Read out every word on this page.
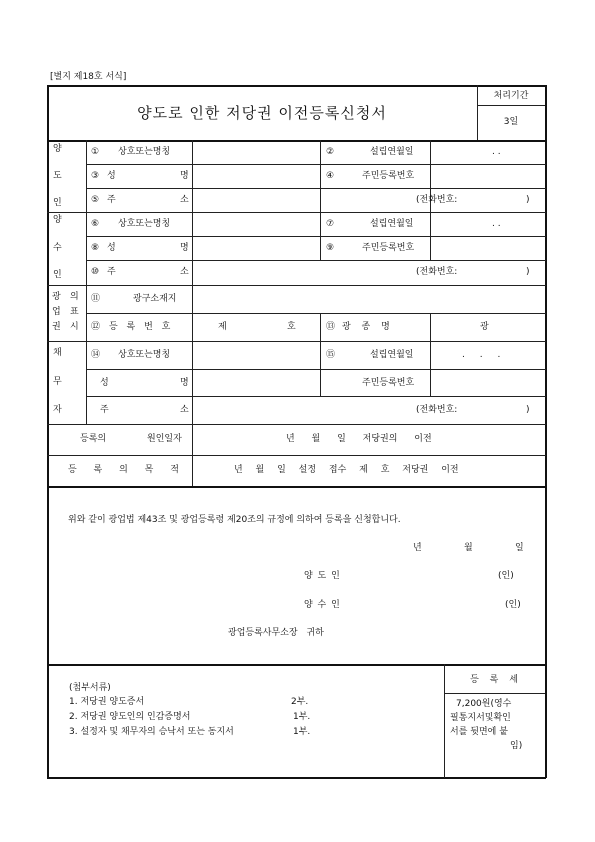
[별지 제18호 서식]
양도로 인한 저당권 이전등록신청서
처리기간
3일
양
도
인
① 상호또는명칭	②	설립연월일	. .
③ 성	명	④	주민등록번호
⑤ 주	소	(전화번호:	)
양
수
인
⑥ 상호또는명칭	⑦	설립연월일	. .
⑧ 성	명	⑨	주민등록번호
⑩ 주	소	(전화번호:	)
광 의
업 표
권 시
⑪	광구소재지
⑫ 등 록 번 호	제	호	⑬ 광 종 명	광
채
무
자
⑭ 상호또는명칭	⑮	설립연월일	. . .
성	명	주민등록번호
주	소	(전화번호:	)
등록의	원인일자	년 월 일 저당권의 이전
등 록 의 목 적	년 월 일 설정 접수 제 호 저당권 이전
위와 같이 광업법 제43조 및 광업등록령 제20조의 규정에 의하여 등록을 신청합니다.
년	월	일
양 도 인	(인)
양 수 인	(인)
광업등록사무소장 귀하
(첨부서류)
1. 저당권 양도증서	2부.
2. 저당권 양도인의 인감증명서	1부.
3. 설정자 및 채무자의 승낙서 또는 동지서	1부.
등 록 세
7,200원(영수
필통지서및확인
서를 뒷면에 붙
임)
